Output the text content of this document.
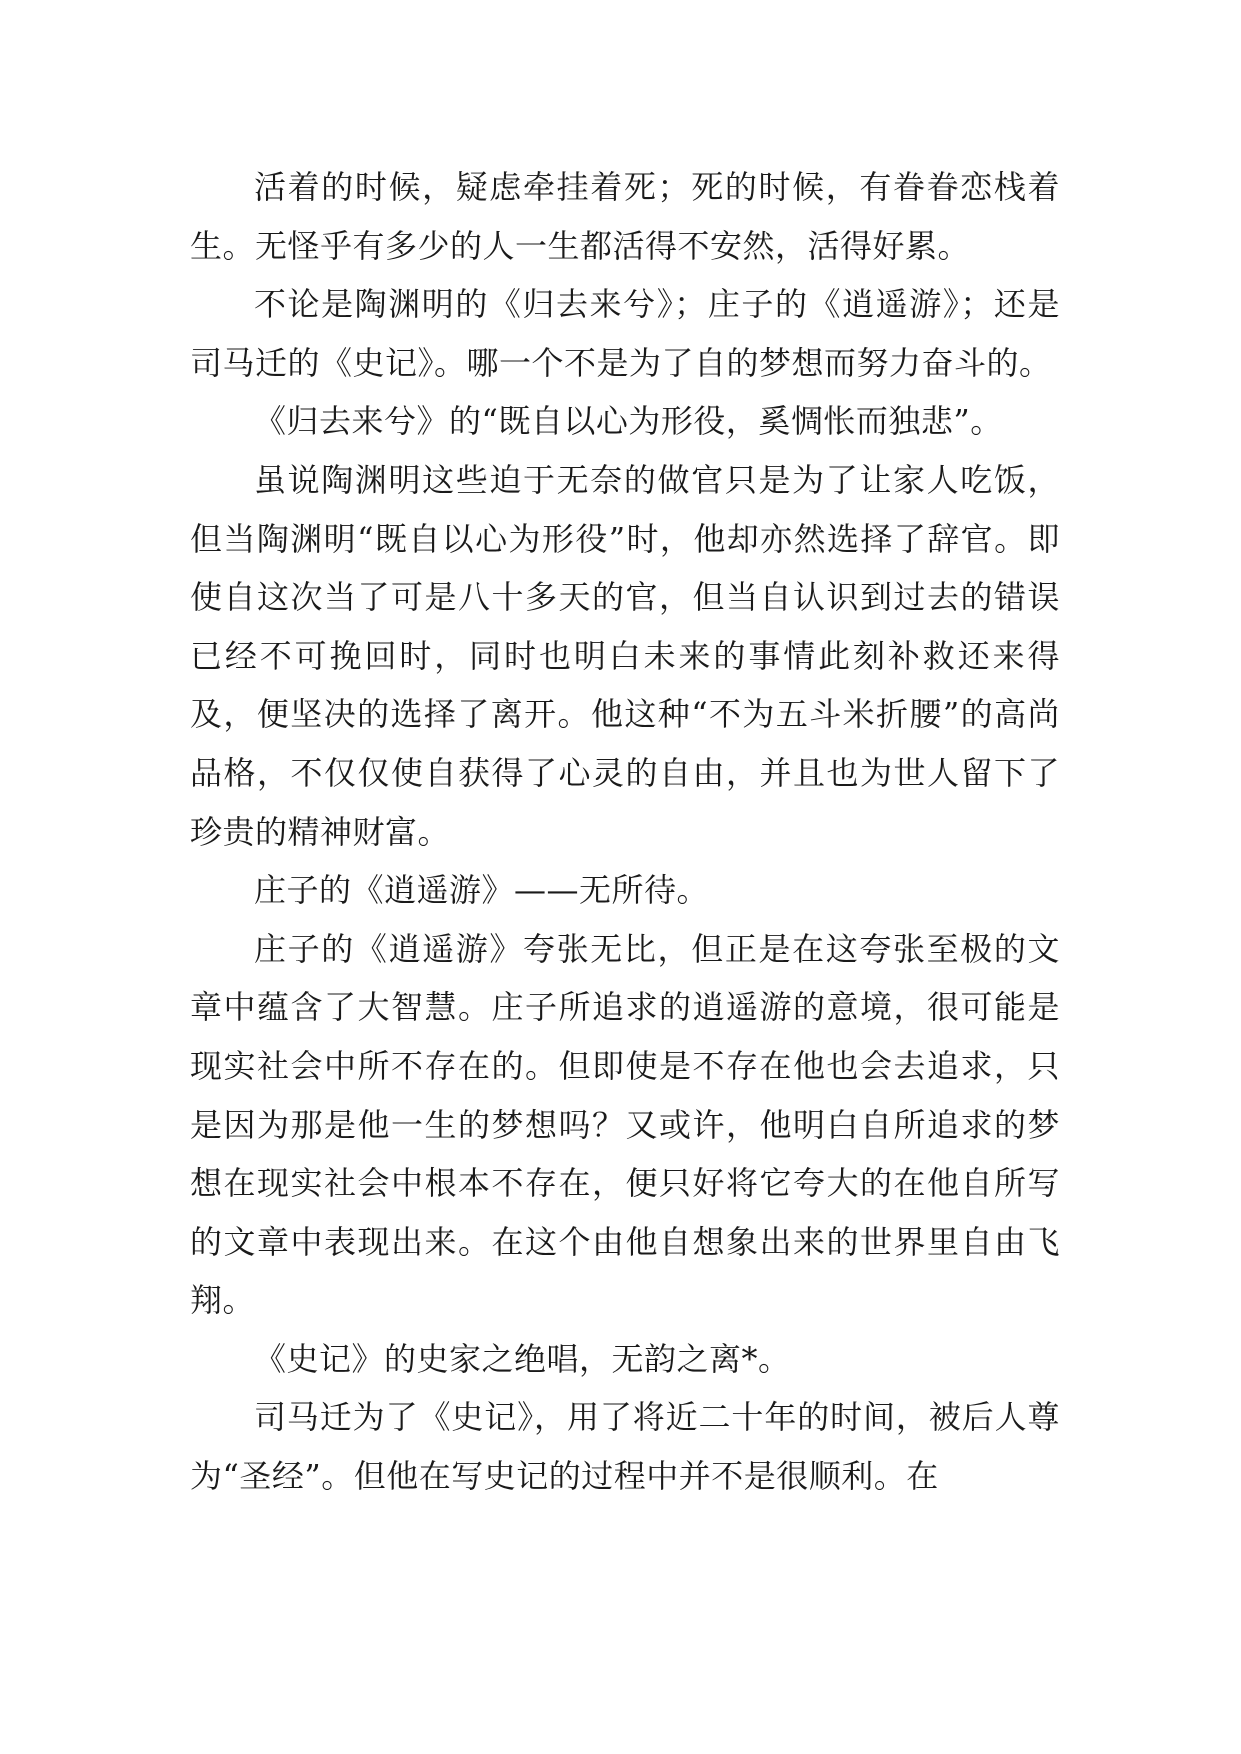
活着的时候，疑虑牵挂着死；死的时候，有眷眷恋栈着生。无怪乎有多少的人一生都活得不安然，活得好累。

不论是陶渊明的《归去来兮》；庄子的《逍遥游》；还是司马迁的《史记》。哪一个不是为了自的梦想而努力奋斗的。

《归去来兮》的“既自以心为形役，奚惆怅而独悲”。

虽说陶渊明这些迫于无奈的做官只是为了让家人吃饭，但当陶渊明“既自以心为形役”时，他却亦然选择了辞官。即使自这次当了可是八十多天的官，但当自认识到过去的错误已经不可挽回时，同时也明白未来的事情此刻补救还来得及，便坚决的选择了离开。他这种“不为五斗米折腰”的高尚品格，不仅仅使自获得了心灵的自由，并且也为世人留下了珍贵的精神财富。

庄子的《逍遥游》——无所待。

庄子的《逍遥游》夸张无比，但正是在这夸张至极的文章中蕴含了大智慧。庄子所追求的逍遥游的意境，很可能是现实社会中所不存在的。但即使是不存在他也会去追求，只是因为那是他一生的梦想吗？又或许，他明白自所追求的梦想在现实社会中根本不存在，便只好将它夸大的在他自所写的文章中表现出来。在这个由他自想象出来的世界里自由飞翔。

《史记》的史家之绝唱，无韵之离*。

司马迁为了《史记》，用了将近二十年的时间，被后人尊为“圣经”。但他在写史记的过程中并不是很顺利。在
